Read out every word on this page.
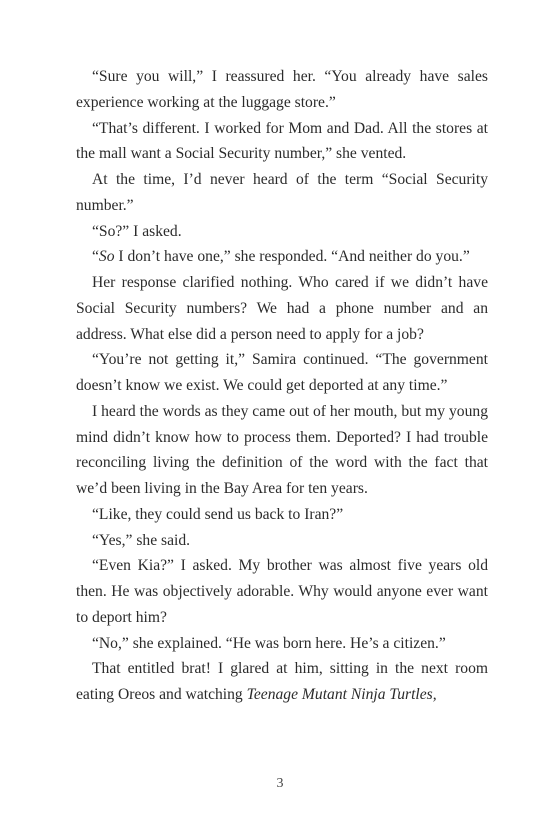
“Sure you will,” I reassured her. “You already have sales experience working at the luggage store.”

“That’s different. I worked for Mom and Dad. All the stores at the mall want a Social Security number,” she vented.

At the time, I’d never heard of the term “Social Security number.”

“So?” I asked.

“So I don’t have one,” she responded. “And neither do you.”

Her response clarified nothing. Who cared if we didn’t have Social Security numbers? We had a phone number and an address. What else did a person need to apply for a job?

“You’re not getting it,” Samira continued. “The government doesn’t know we exist. We could get deported at any time.”

I heard the words as they came out of her mouth, but my young mind didn’t know how to process them. Deported? I had trouble reconciling living the definition of the word with the fact that we’d been living in the Bay Area for ten years.

“Like, they could send us back to Iran?”

“Yes,” she said.

“Even Kia?” I asked. My brother was almost five years old then. He was objectively adorable. Why would anyone ever want to deport him?

“No,” she explained. “He was born here. He’s a citizen.”

That entitled brat! I glared at him, sitting in the next room eating Oreos and watching Teenage Mutant Ninja Turtles,

3
